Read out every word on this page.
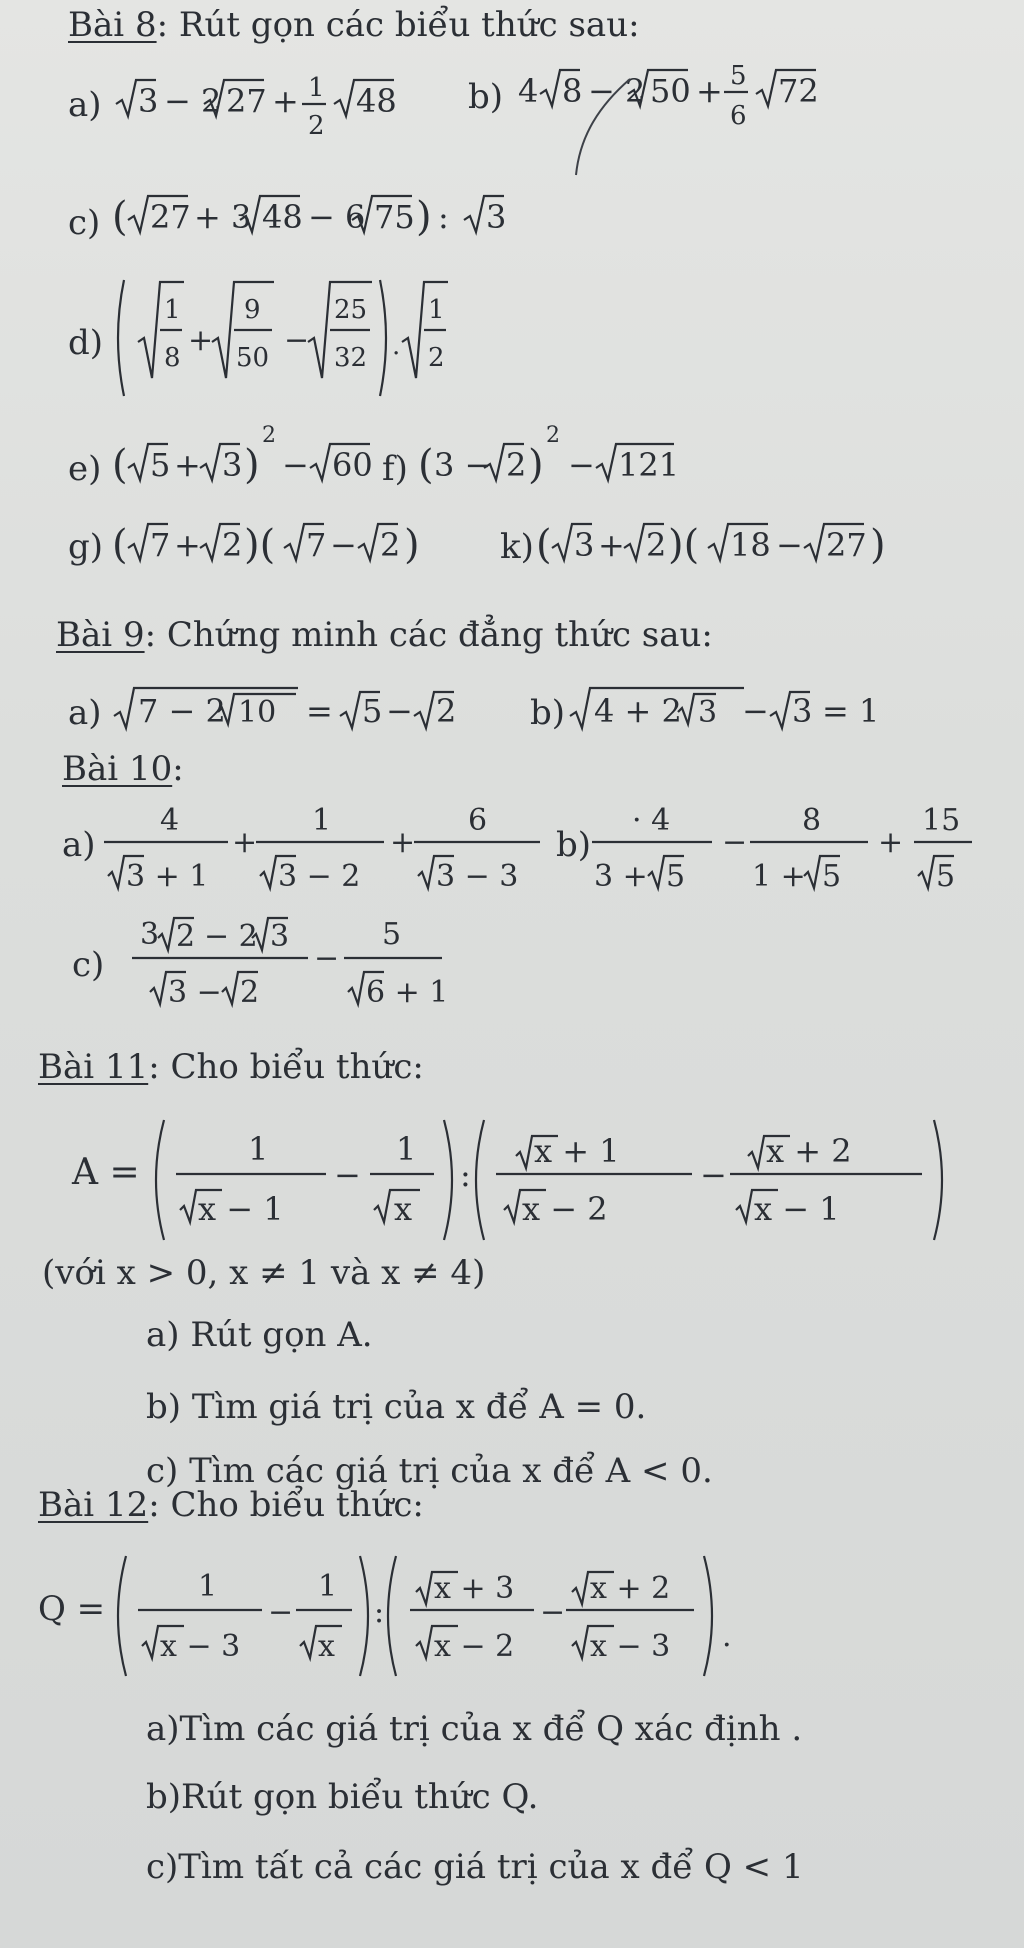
Bài 8: Rút gọn các biểu thức sau:
a) 3 − 2 27 + 1
2
48 b) 4 8 − 2 50 + 5
6
72
c) ( 27 + 3 48 − 6 75 ) : 3
d)
1
8 +
9
50 −
25
32 .
1
2
e) ( 5 + 3 )
2
− 60 f) ( 3 − 2 )
2
− 121
g) ( 7 + 2 )( 7 − 2 ) k) ( 3 + 2 )( 18 − 27 )
Bài 9: Chứng minh các đẳng thức sau:
a) 7 − 2 10 = 5 − 2 b) 4 + 2 3 − 3 = 1
Bài 10:
a)
4
3 + 1
+
1
3 − 2
+
6
3 − 3
b)
· 4
3 + 5
−
8
1 + 5
+
15
5
c)
3 2 − 2 3
3 − 2
−
5
6 + 1
Bài 11: Cho biểu thức:
A =
1
x − 1
−
1
x
:
x + 1
x − 2
−
x + 2
x − 1
(với x > 0, x ≠ 1 và x ≠ 4)
a) Rút gọn A.
b) Tìm giá trị của x để A = 0.
c) Tìm các giá trị của x để A < 0.
Bài 12: Cho biểu thức:
Q =
1
x − 3
−
1
x
:
x + 3
x − 2
−
x + 2
x − 3 .
a)Tìm các giá trị của x để Q xác định .
b)Rút gọn biểu thức Q.
c)Tìm tất cả các giá trị của x để Q < 1
